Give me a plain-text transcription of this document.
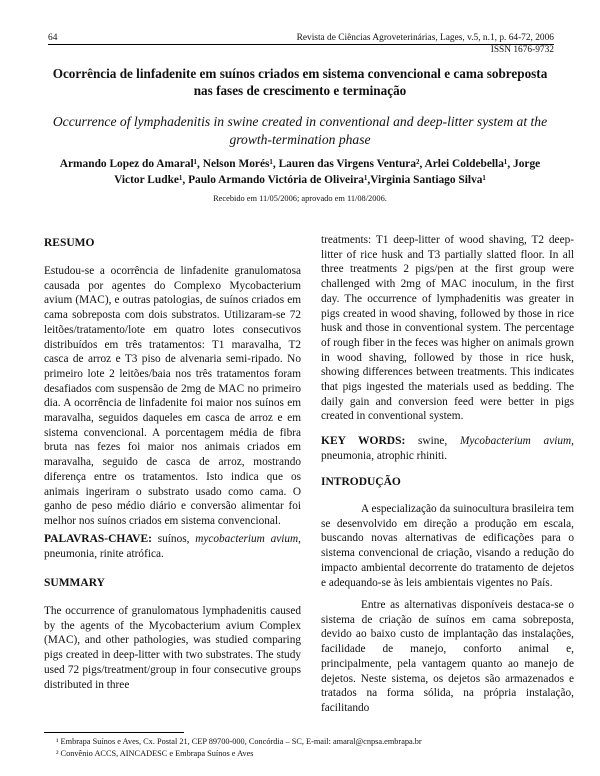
64	Revista de Ciências Agroveterinárias, Lages, v.5, n.1, p. 64-72, 2006
ISSN 1676-9732
Ocorrência de linfadenite em suínos criados em sistema convencional e cama sobreposta nas fases de crescimento e terminação
Occurrence of lymphadenitis in swine created in conventional and deep-litter system at the growth-termination phase
Armando Lopez do Amaral¹, Nelson Morés¹, Lauren das Virgens Ventura², Arlei Coldebella¹, Jorge Victor Ludke¹, Paulo Armando Victória de Oliveira¹,Virginia Santiago Silva¹
Recebido em 11/05/2006; aprovado em 11/08/2006.
RESUMO
Estudou-se a ocorrência de linfadenite granulomatosa causada por agentes do Complexo Mycobacterium avium (MAC), e outras patologias, de suínos criados em cama sobreposta com dois substratos. Utilizaram-se 72 leitões/tratamento/lote em quatro lotes consecutivos distribuídos em três tratamentos: T1 maravalha, T2 casca de arroz e T3 piso de alvenaria semi-ripado. No primeiro lote 2 leitões/baia nos três tratamentos foram desafiados com suspensão de 2mg de MAC no primeiro dia. A ocorrência de linfadenite foi maior nos suínos em maravalha, seguidos daqueles em casca de arroz e em sistema convencional. A porcentagem média de fibra bruta nas fezes foi maior nos animais criados em maravalha, seguido de casca de arroz, mostrando diferença entre os tratamentos. Isto indica que os animais ingeriram o substrato usado como cama. O ganho de peso médio diário e conversão alimentar foi melhor nos suínos criados em sistema convencional.
PALAVRAS-CHAVE: suínos, mycobacterium avium, pneumonia, rinite atrófica.
SUMMARY
The occurrence of granulomatous lymphadenitis caused by the agents of the Mycobacterium avium Complex (MAC), and other pathologies, was studied comparing pigs created in deep-litter with two substrates. The study used 72 pigs/treatment/group in four consecutive groups distributed in three
treatments: T1 deep-litter of wood shaving, T2 deep-litter of rice husk and T3 partially slatted floor. In all three treatments 2 pigs/pen at the first group were challenged with 2mg of MAC inoculum, in the first day. The occurrence of lymphadenitis was greater in pigs created in wood shaving, followed by those in rice husk and those in conventional system. The percentage of rough fiber in the feces was higher on animals grown in wood shaving, followed by those in rice husk, showing differences between treatments. This indicates that pigs ingested the materials used as bedding. The daily gain and conversion feed were better in pigs created in conventional system.
KEY WORDS: swine, Mycobacterium avium, pneumonia, atrophic rhiniti.
INTRODUÇÃO
A especialização da suinocultura brasileira tem se desenvolvido em direção a produção em escala, buscando novas alternativas de edificações para o sistema convencional de criação, visando a redução do impacto ambiental decorrente do tratamento de dejetos e adequando-se às leis ambientais vigentes no País.
Entre as alternativas disponíveis destaca-se o sistema de criação de suínos em cama sobreposta, devido ao baixo custo de implantação das instalações, facilidade de manejo, conforto animal e, principalmente, pela vantagem quanto ao manejo de dejetos. Neste sistema, os dejetos são armazenados e tratados na forma sólida, na própria instalação, facilitando
¹ Embrapa Suínos e Aves, Cx. Postal 21, CEP 89700-000, Concórdia – SC, E-mail: amaral@cnpsa.embrapa.br
² Convênio ACCS, AINCADESC e Embrapa Suínos e Aves
